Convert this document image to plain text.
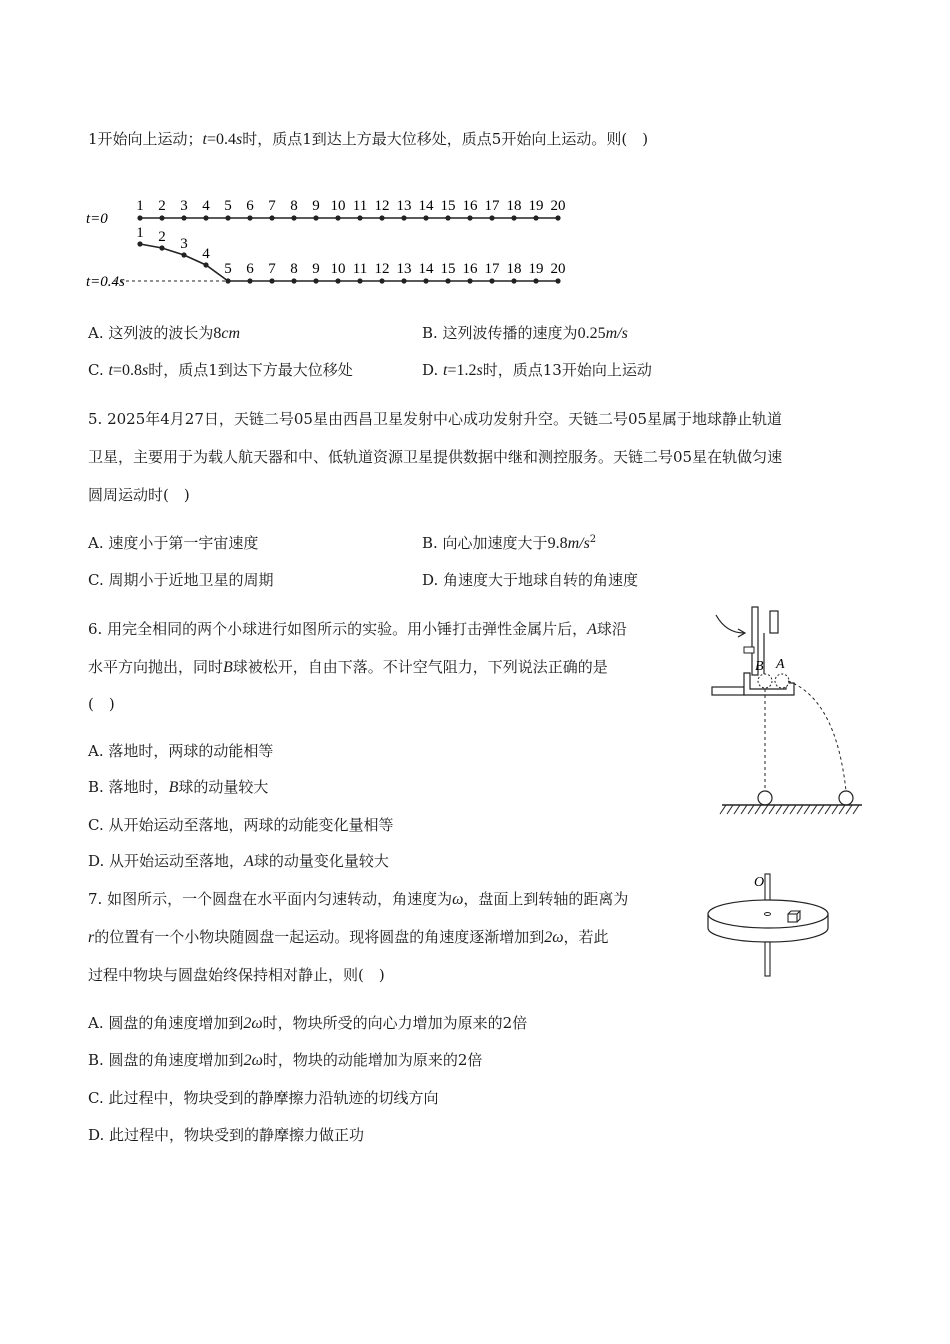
1开始向上运动；t=0.4s时，质点1到达上方最大位移处，质点5开始向上运动。则(　)
t=0
t=0.4s
1 2 3 4 5 6 7 8 9 10 11 12 13 14 15 16 17 18 19 20
1 2 3
4
5 6 7 8 9 10 11 12 13 14 15 16 17 18 19 20
A. 这列波的波长为8cm	B. 这列波传播的速度为0.25m/s
C. t=0.8s时，质点1到达下方最大位移处	D. t=1.2s时，质点13开始向上运动
5. 2025年4月27日，天链二号05星由西昌卫星发射中心成功发射升空。天链二号05星属于地球静止轨道
卫星，主要用于为载人航天器和中、低轨道资源卫星提供数据中继和测控服务。天链二号05星在轨做匀速
圆周运动时(　)
A. 速度小于第一宇宙速度	B. 向心加速度大于$9.8m/s^2$
C. 周期小于近地卫星的周期	D. 角速度大于地球自转的角速度
6. 用完全相同的两个小球进行如图所示的实验。用小锤打击弹性金属片后，A球沿
水平方向抛出，同时B球被松开，自由下落。不计空气阻力，下列说法正确的是
(　)
A. 落地时，两球的动能相等
B. 落地时，B球的动量较大
C. 从开始运动至落地，两球的动能变化量相等
D. 从开始运动至落地，A球的动量变化量较大
B A
7. 如图所示，一个圆盘在水平面内匀速转动，角速度为ω，盘面上到转轴的距离为
r的位置有一个小物块随圆盘一起运动。现将圆盘的角速度逐渐增加到2ω，若此
过程中物块与圆盘始终保持相对静止，则(　)
A. 圆盘的角速度增加到2ω时，物块所受的向心力增加为原来的2倍
B. 圆盘的角速度增加到2ω时，物块的动能增加为原来的2倍
C. 此过程中，物块受到的静摩擦力沿轨迹的切线方向
D. 此过程中，物块受到的静摩擦力做正功
O
